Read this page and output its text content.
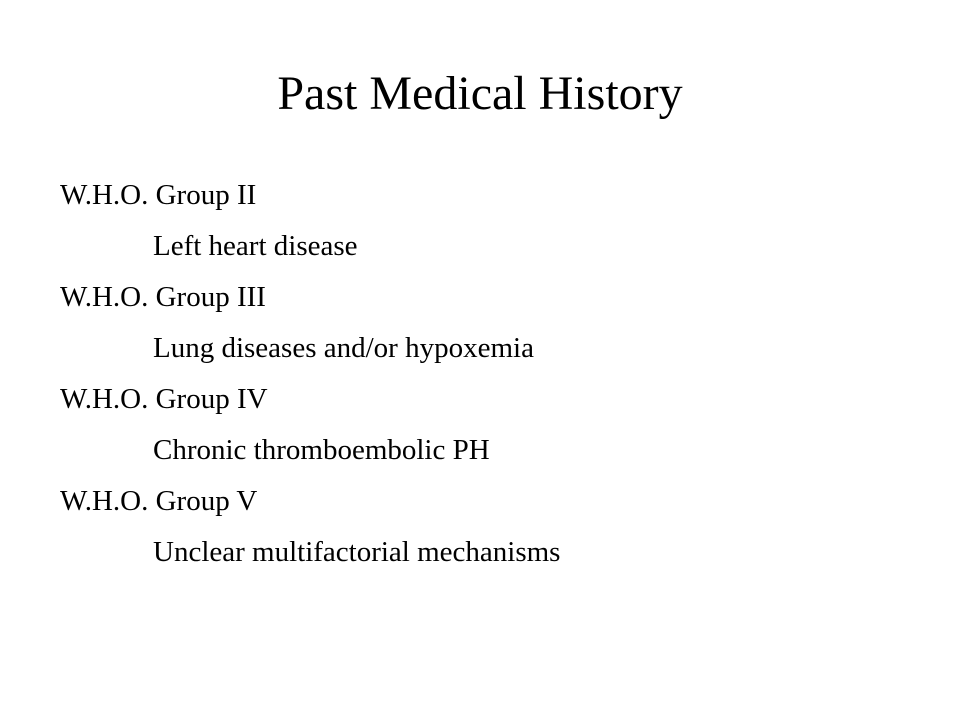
Past Medical History
W.H.O. Group II
Left heart disease
W.H.O. Group III
Lung diseases and/or hypoxemia
W.H.O. Group IV
Chronic thromboembolic PH
W.H.O. Group V
Unclear multifactorial mechanisms
